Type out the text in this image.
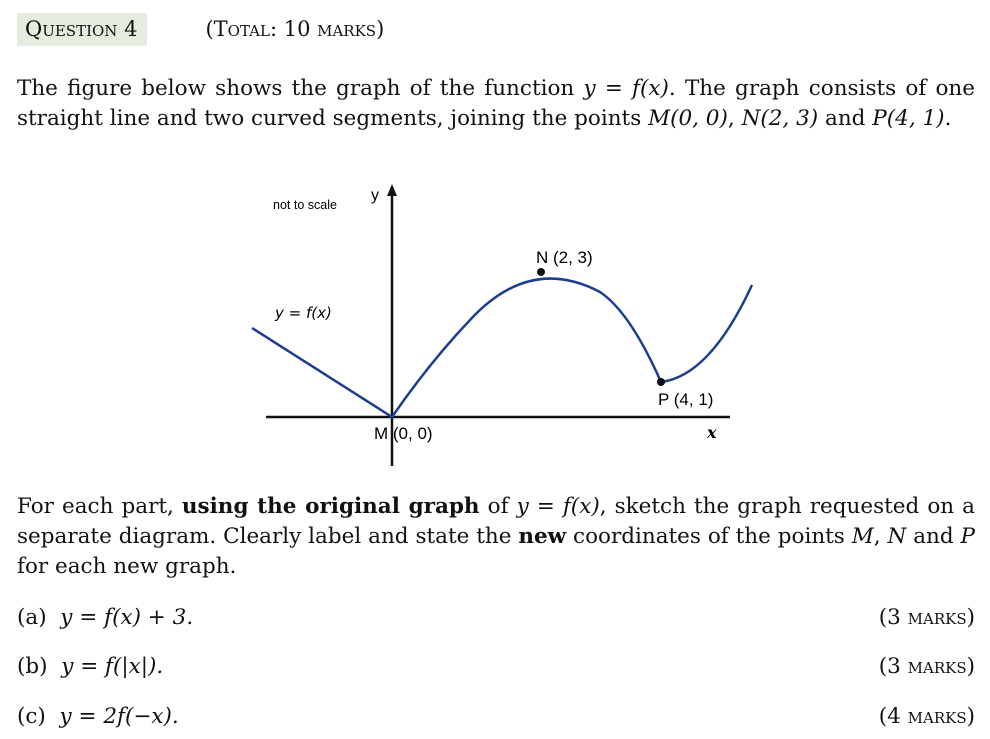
Question 4	(Total: 10 marks)
The figure below shows the graph of the function y = f(x). The graph consists of one straight line and two curved segments, joining the points M(0, 0), N(2, 3) and P(4, 1).
not to scale
y
x
y = f(x)
N (2, 3)
P (4, 1)
M (0, 0)
For each part, using the original graph of y = f(x), sketch the graph requested on a separate diagram. Clearly label and state the new coordinates of the points M, N and P for each new graph.
(a) y = f(x) + 3.	(3 marks)
(b) y = f(|x|).	(3 marks)
(c) y = 2f(−x).	(4 marks)
